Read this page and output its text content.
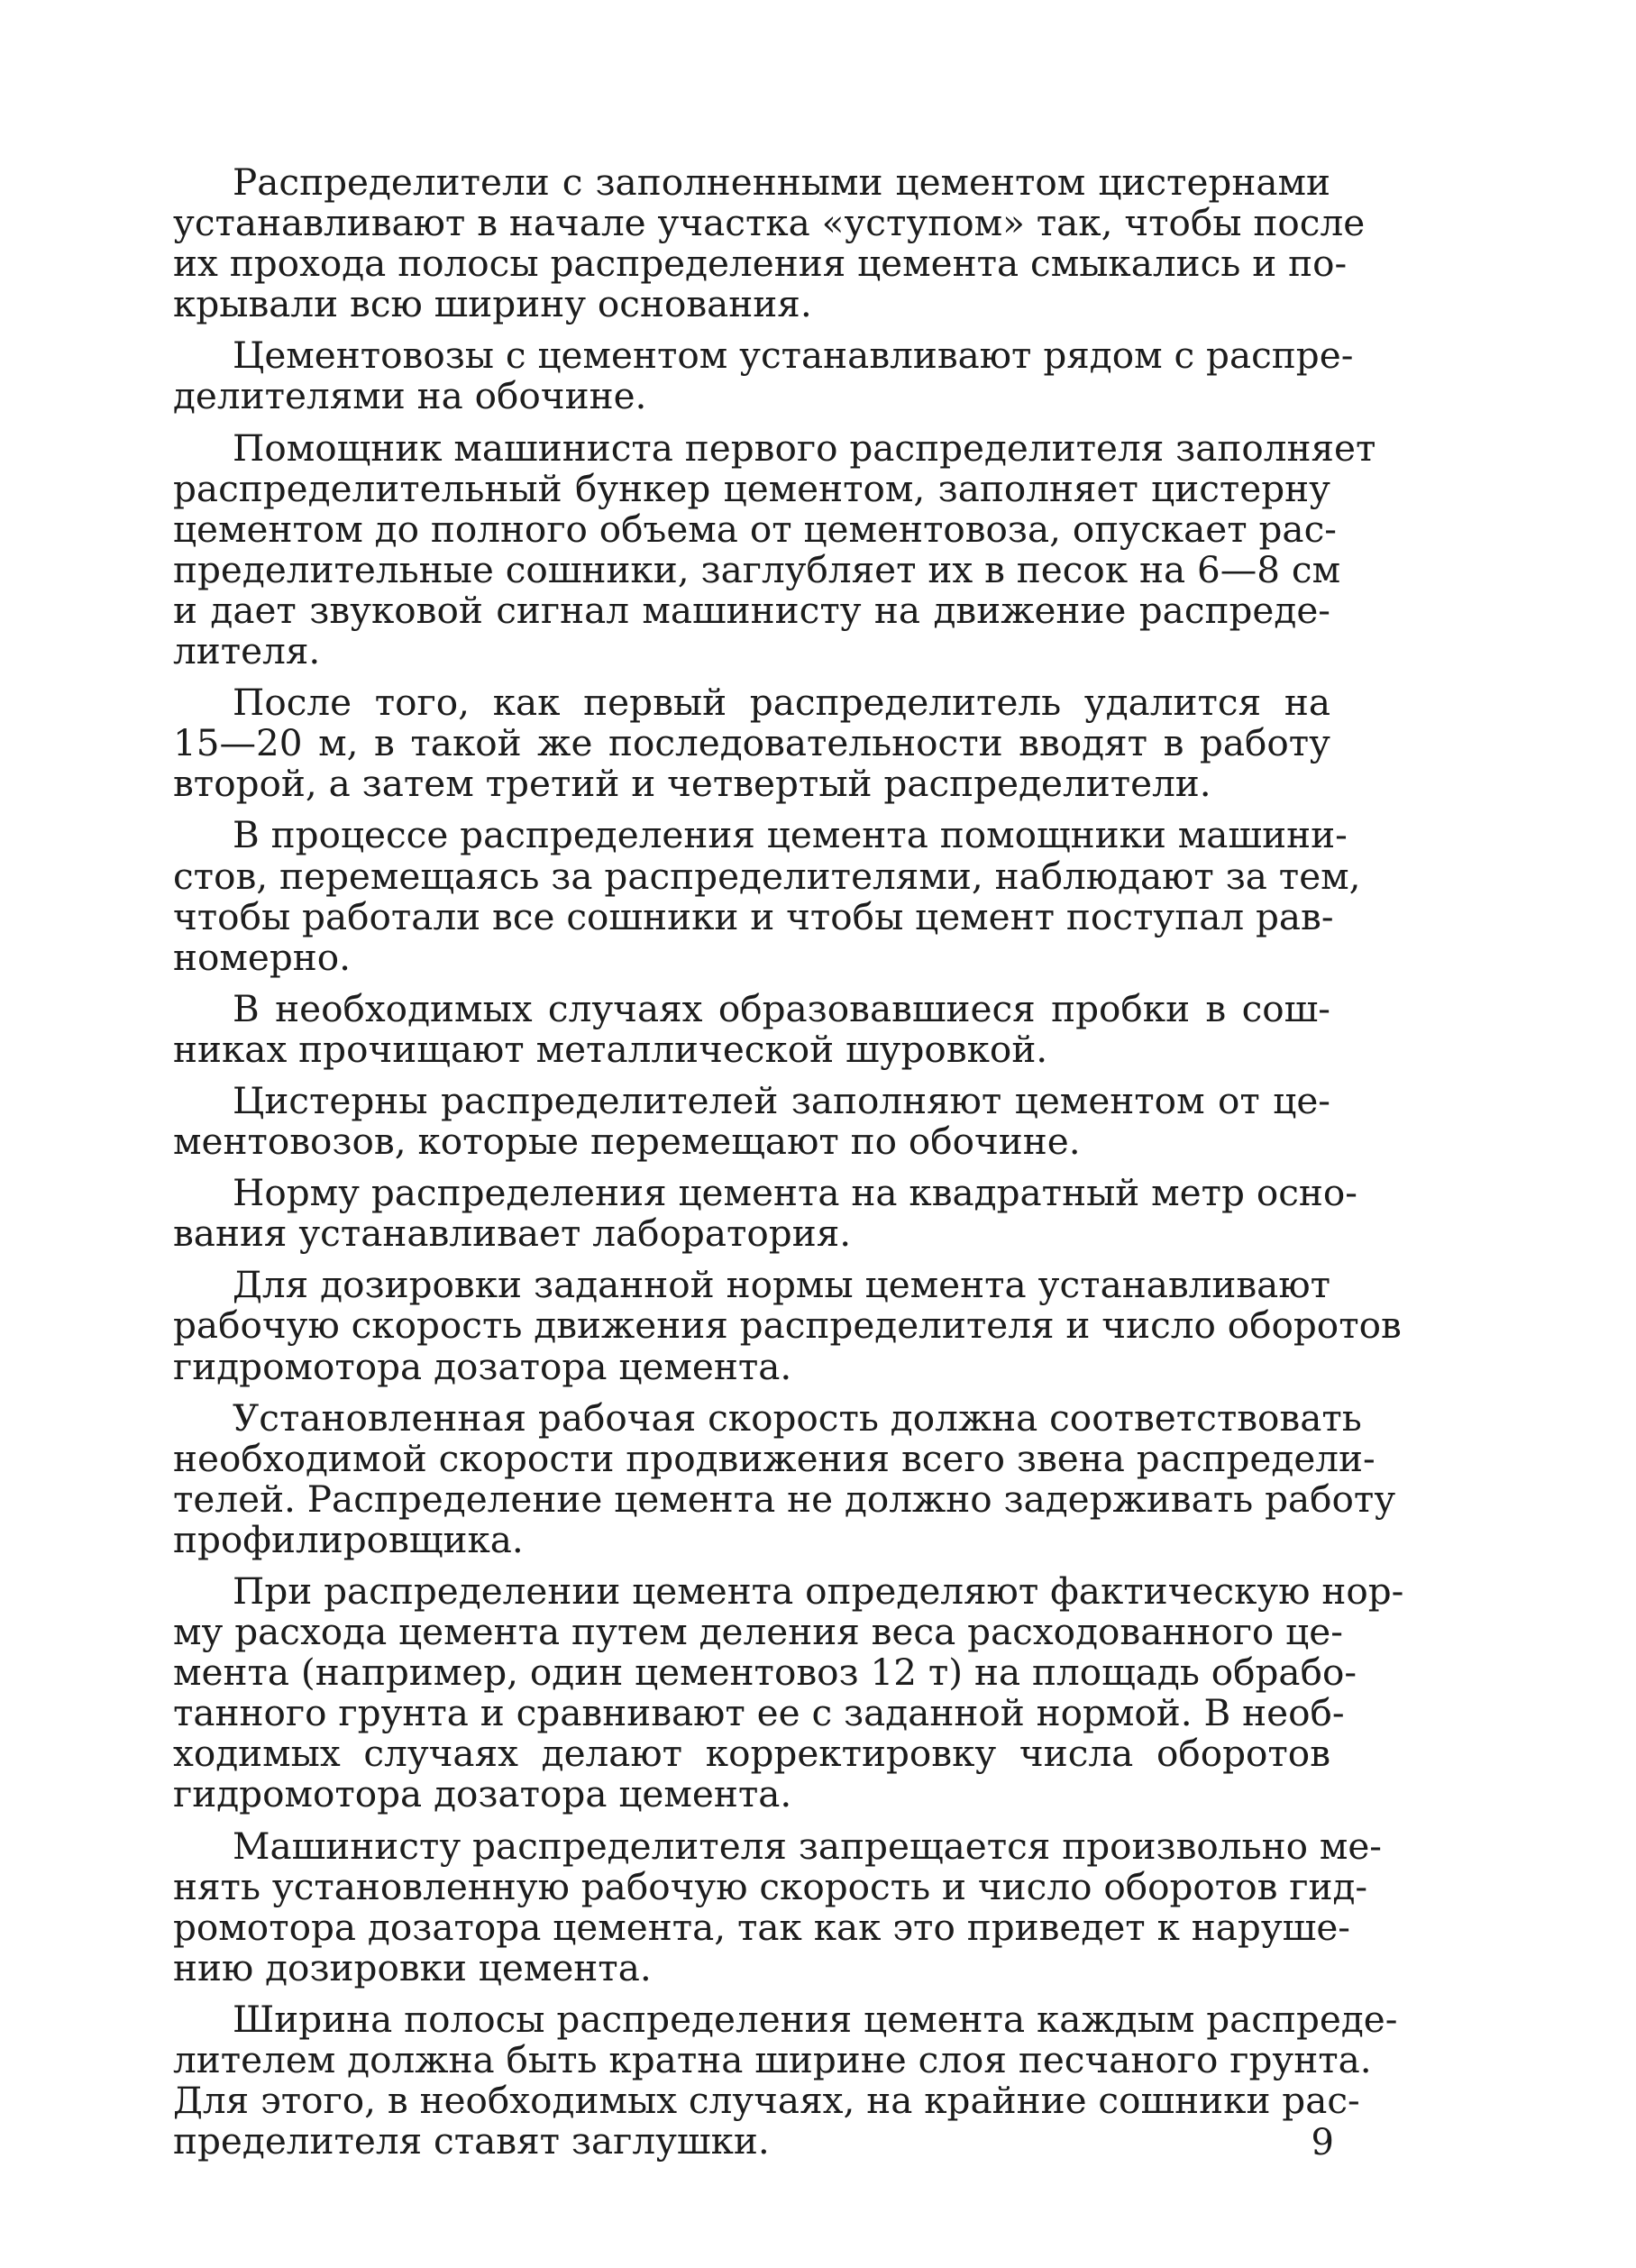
Распределители с заполненными цементом цистернами
устанавливают в начале участка «уступом» так, чтобы после
их прохода полосы распределения цемента смыкались и по-
крывали всю ширину основания.
Цементовозы с цементом устанавливают рядом с распре-
делителями на обочине.
Помощник машиниста первого распределителя заполняет
распределительный бункер цементом, заполняет цистерну
цементом до полного объема от цементовоза, опускает рас-
пределительные сошники, заглубляет их в песок на 6—8 см
и дает звуковой сигнал машинисту на движение распреде-
лителя.
После того, как первый распределитель удалится на
15—20 м, в такой же последовательности вводят в работу
второй, а затем третий и четвертый распределители.
В процессе распределения цемента помощники машини-
стов, перемещаясь за распределителями, наблюдают за тем,
чтобы работали все сошники и чтобы цемент поступал рав-
номерно.
В необходимых случаях образовавшиеся пробки в сош-
никах прочищают металлической шуровкой.
Цистерны распределителей заполняют цементом от це-
ментовозов, которые перемещают по обочине.
Норму распределения цемента на квадратный метр осно-
вания устанавливает лаборатория.
Для дозировки заданной нормы цемента устанавливают
рабочую скорость движения распределителя и число оборотов
гидромотора дозатора цемента.
Установленная рабочая скорость должна соответствовать
необходимой скорости продвижения всего звена распредели-
телей. Распределение цемента не должно задерживать работу
профилировщика.
При распределении цемента определяют фактическую нор-
му расхода цемента путем деления веса расходованного це-
мента (например, один цементовоз 12 т) на площадь обрабо-
танного грунта и сравнивают ее с заданной нормой. В необ-
ходимых случаях делают корректировку числа оборотов
гидромотора дозатора цемента.
Машинисту распределителя запрещается произвольно ме-
нять установленную рабочую скорость и число оборотов гид-
ромотора дозатора цемента, так как это приведет к наруше-
нию дозировки цемента.
Ширина полосы распределения цемента каждым распреде-
лителем должна быть кратна ширине слоя песчаного грунта.
Для этого, в необходимых случаях, на крайние сошники рас-
пределителя ставят заглушки.	9
